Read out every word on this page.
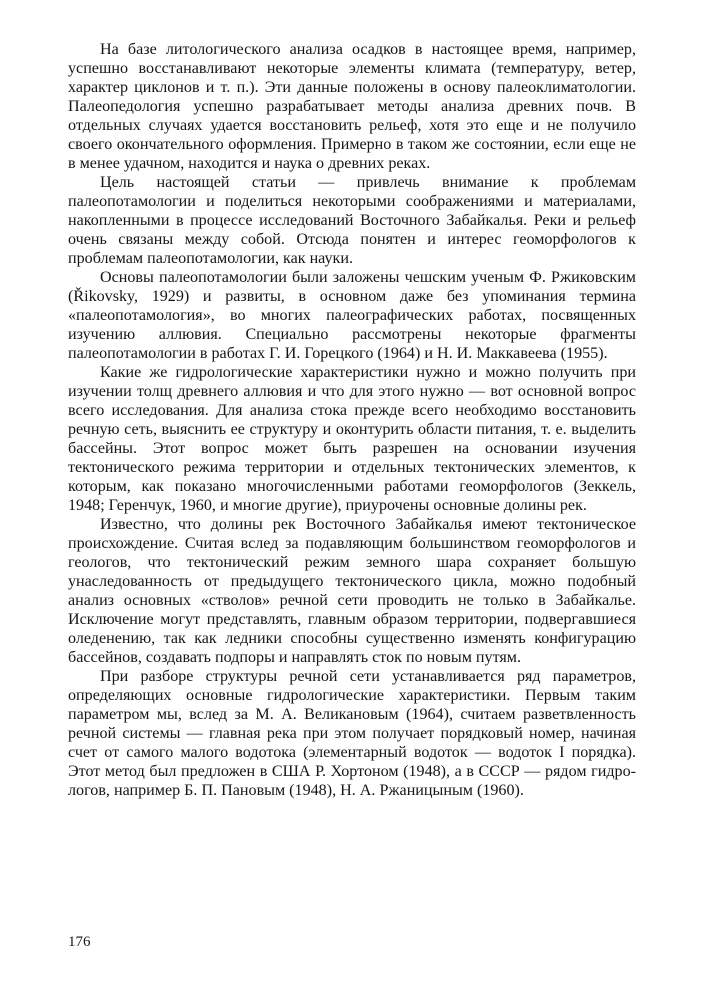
На базе литологического анализа осадков в настоящее время, например, успешно восстанавливают некоторые элементы климата (температуру, ветер, характер циклонов и т. п.). Эти данные положены в основу палеоклиматологии. Палеопедология успешно разрабатывает методы анализа древних почв. В отдельных случаях удается восстановить рельеф, хотя это еще и не получило своего окончательного оформления. Примерно в таком же состоянии, если еще не в менее удачном, находится и наука о древних реках.

Цель настоящей статьи — привлечь внимание к проблемам палеопотамологии и поделиться некоторыми соображениями и материалами, накопленными в процессе исследований Восточного Забайкалья. Реки и рельеф очень связаны между собой. Отсюда понятен и интерес геоморфологов к проблемам палеопотамологии, как науки.

Основы палеопотамологии были заложены чешским ученым Ф. Ржиковским (Řikovsky, 1929) и развиты, в основном даже без упоминания термина «палеопотамология», во многих палеографических работах, посвященных изучению аллювия. Специально рассмотрены некоторые фрагменты палеопотамологии в работах Г. И. Горецкого (1964) и Н. И. Маккавеева (1955).

Какие же гидрологические характеристики нужно и можно получить при изучении толщ древнего аллювия и что для этого нужно — вот основной вопрос всего исследования. Для анализа стока прежде всего необходимо восстановить речную сеть, выяснить ее структуру и оконтурить области питания, т. е. выделить бассейны. Этот вопрос может быть разрешен на основании изучения тектонического режима территории и отдельных тектонических элементов, к которым, как показано многочисленными работами геоморфологов (Зеккель, 1948; Геренчук, 1960, и многие другие), приурочены основные долины рек.

Известно, что долины рек Восточного Забайкалья имеют тектоническое происхождение. Считая вслед за подавляющим большинством геоморфологов и геологов, что тектонический режим земного шара сохраняет большую унаследованность от предыдущего тектонического цикла, можно подобный анализ основных «стволов» речной сети проводить не только в Забайкалье. Исключение могут представлять, главным образом территории, подвергавшиеся оледенению, так как ледники способны существенно изменять конфигурацию бассейнов, создавать подпоры и направлять сток по новым путям.

При разборе структуры речной сети устанавливается ряд параметров, определяющих основные гидрологические характеристики. Первым таким параметром мы, вслед за М. А. Великановым (1964), считаем разветвленность речной системы — главная река при этом получает порядковый номер, начиная счет от самого малого водотока (элементарный водоток — водоток I порядка). Этот метод был предложен в США Р. Хортоном (1948), а в СССР — рядом гидрологов, например Б. П. Пановым (1948), Н. А. Ржаницыным (1960).

176
